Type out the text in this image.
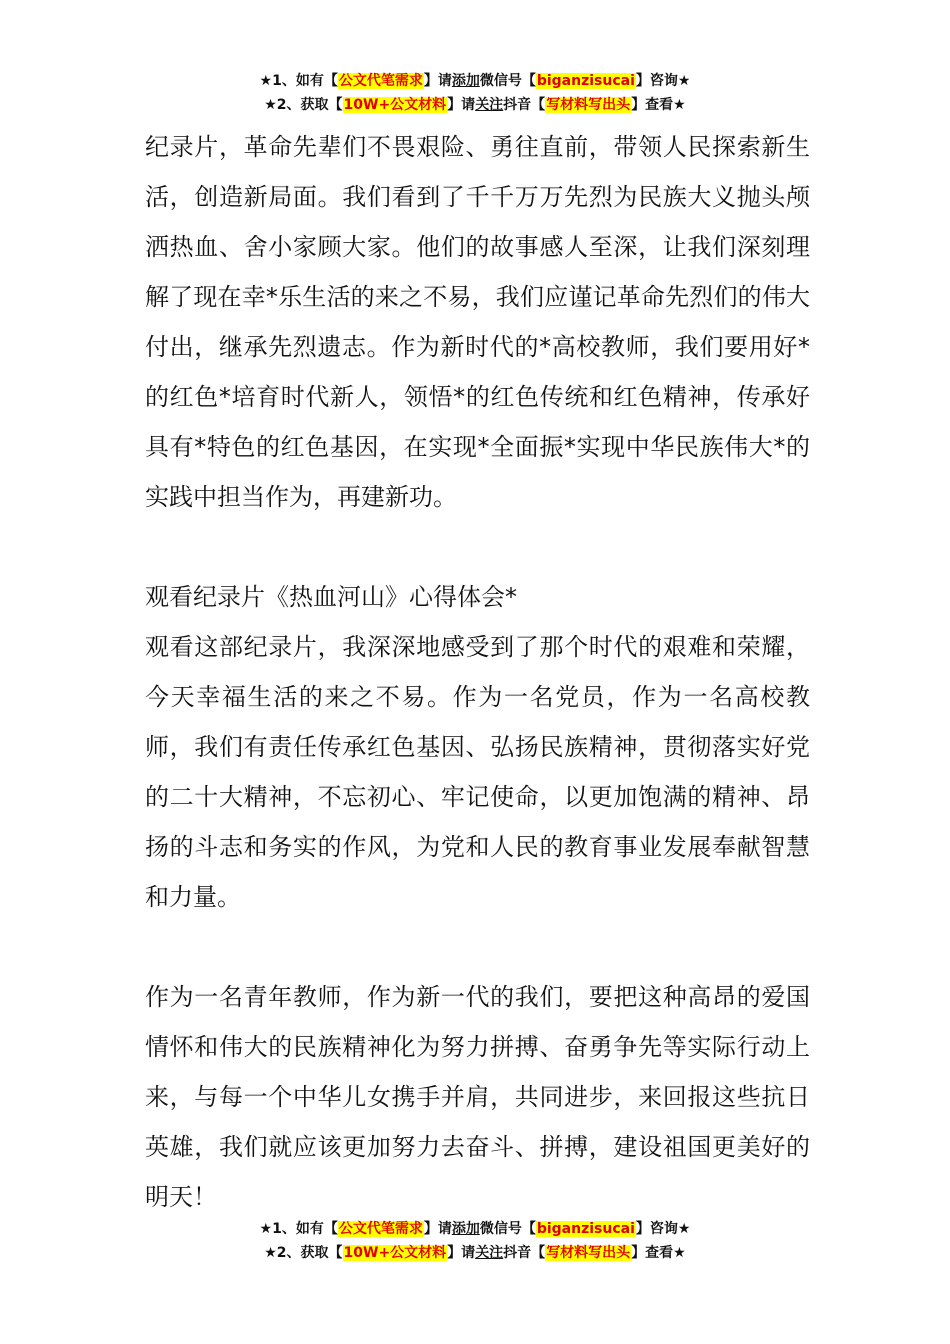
★1、如有【公文代笔需求】请添加微信号【biganzisucai】咨询★
★2、获取【10W+公文材料】请关注抖音【写材料写出头】查看★

纪录片，革命先辈们不畏艰险、勇往直前，带领人民探索新生活，创造新局面。我们看到了千千万万先烈为民族大义抛头颅洒热血、舍小家顾大家。他们的故事感人至深，让我们深刻理解了现在幸*乐生活的来之不易，我们应谨记革命先烈们的伟大付出，继承先烈遗志。作为新时代的*高校教师，我们要用好*的红色*培育时代新人，领悟*的红色传统和红色精神，传承好具有*特色的红色基因，在实现*全面振*实现中华民族伟大*的实践中担当作为，再建新功。

观看纪录片《热血河山》心得体会*

观看这部纪录片，我深深地感受到了那个时代的艰难和荣耀，今天幸福生活的来之不易。作为一名党员，作为一名高校教师，我们有责任传承红色基因、弘扬民族精神，贯彻落实好党的二十大精神，不忘初心、牢记使命，以更加饱满的精神、昂扬的斗志和务实的作风，为党和人民的教育事业发展奉献智慧和力量。

作为一名青年教师，作为新一代的我们，要把这种高昂的爱国情怀和伟大的民族精神化为努力拼搏、奋勇争先等实际行动上来，与每一个中华儿女携手并肩，共同进步，来回报这些抗日英雄，我们就应该更加努力去奋斗、拼搏，建设祖国更美好的明天！

★1、如有【公文代笔需求】请添加微信号【biganzisucai】咨询★
★2、获取【10W+公文材料】请关注抖音【写材料写出头】查看★
